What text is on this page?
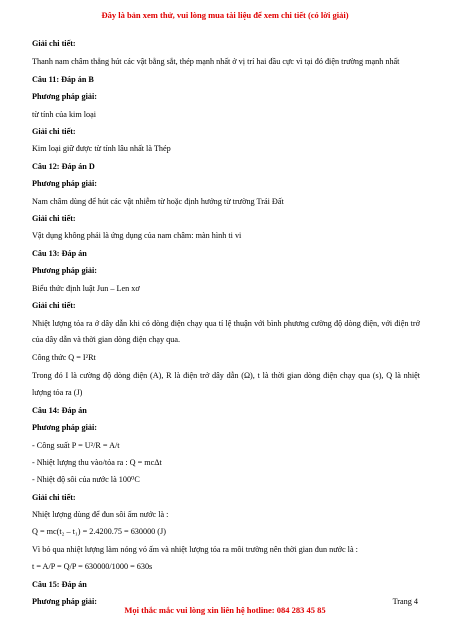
Đây là bản xem thử, vui lòng mua tài liệu để xem chi tiết (có lời giải)
Giải chi tiết:
Thanh nam châm thẳng hút các vật bằng sắt, thép mạnh nhất ở vị trí hai đầu cực vì tại đó điện trường mạnh nhất
Câu 11: Đáp án B
Phương pháp giải:
từ tính của kim loại
Giải chi tiết:
Kim loại giữ được từ tính lâu nhất là Thép
Câu 12: Đáp án D
Phương pháp giải:
Nam châm dùng để hút các vật nhiễm từ hoặc định hướng từ trường Trái Đất
Giải chi tiết:
Vật dụng không phải là ứng dụng của nam châm: màn hình ti vi
Câu 13: Đáp án
Phương pháp giải:
Biểu thức định luật Jun – Len xơ
Giải chi tiết:
Nhiệt lượng tỏa ra ở dây dẫn khi có dòng điện chạy qua tỉ lệ thuận với bình phương cường độ dòng điện, với điện trở của dây dẫn và thời gian dòng điện chạy qua.
Công thức Q = I²Rt
Trong đó I là cường độ dòng điện (A), R là điện trở dây dẫn (Ω), t là thời gian dòng điện chạy qua (s), Q là nhiệt lượng tỏa ra (J)
Câu 14: Đáp án
Phương pháp giải:
- Công suất P = U²/R = A/t
- Nhiệt lượng thu vào/tỏa ra : Q = mcΔt
- Nhiệt độ sôi của nước là 100⁰C
Giải chi tiết:
Nhiệt lượng dùng để đun sôi ấm nước là :
Q = mc(t₂ – t₁) = 2.4200.75 = 630000 (J)
Vì bỏ qua nhiệt lượng làm nóng vỏ ấm và nhiệt lượng tỏa ra môi trường nên thời gian đun nước là :
t = A/P = Q/P = 630000/1000 = 630s
Câu 15: Đáp án
Phương pháp giải:	Trang 4
Mọi thắc mắc vui lòng xin liên hệ hotline: 084 283 45 85
